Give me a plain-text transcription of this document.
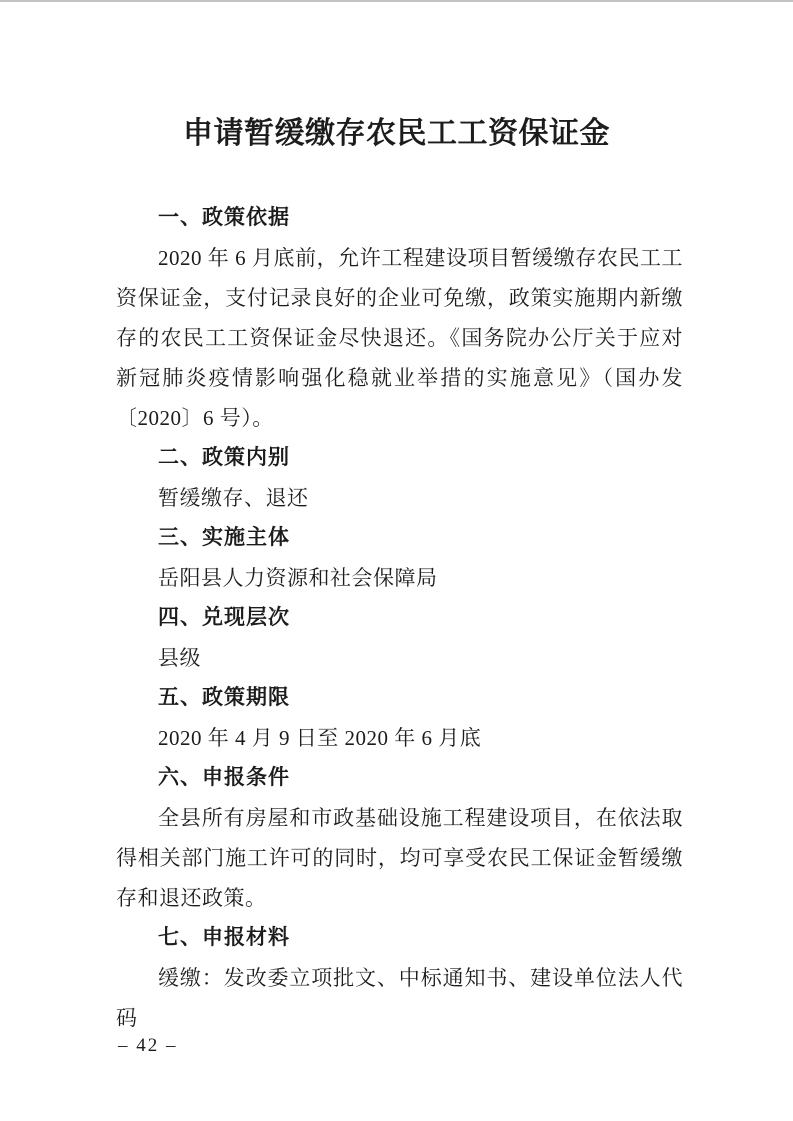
申请暂缓缴存农民工工资保证金
一、政策依据

2020 年 6 月底前，允许工程建设项目暂缓缴存农民工工资保证金，支付记录良好的企业可免缴，政策实施期内新缴存的农民工工资保证金尽快退还。《国务院办公厅关于应对新冠肺炎疫情影响强化稳就业举措的实施意见》（国办发〔2020〕6 号）。

二、政策内别

暂缓缴存、退还

三、实施主体

岳阳县人力资源和社会保障局

四、兑现层次

县级

五、政策期限

2020 年 4 月 9 日至 2020 年 6 月底

六、申报条件

全县所有房屋和市政基础设施工程建设项目，在依法取得相关部门施工许可的同时，均可享受农民工保证金暂缓缴存和退还政策。

七、申报材料

缓缴：发改委立项批文、中标通知书、建设单位法人代码

– 42 –
